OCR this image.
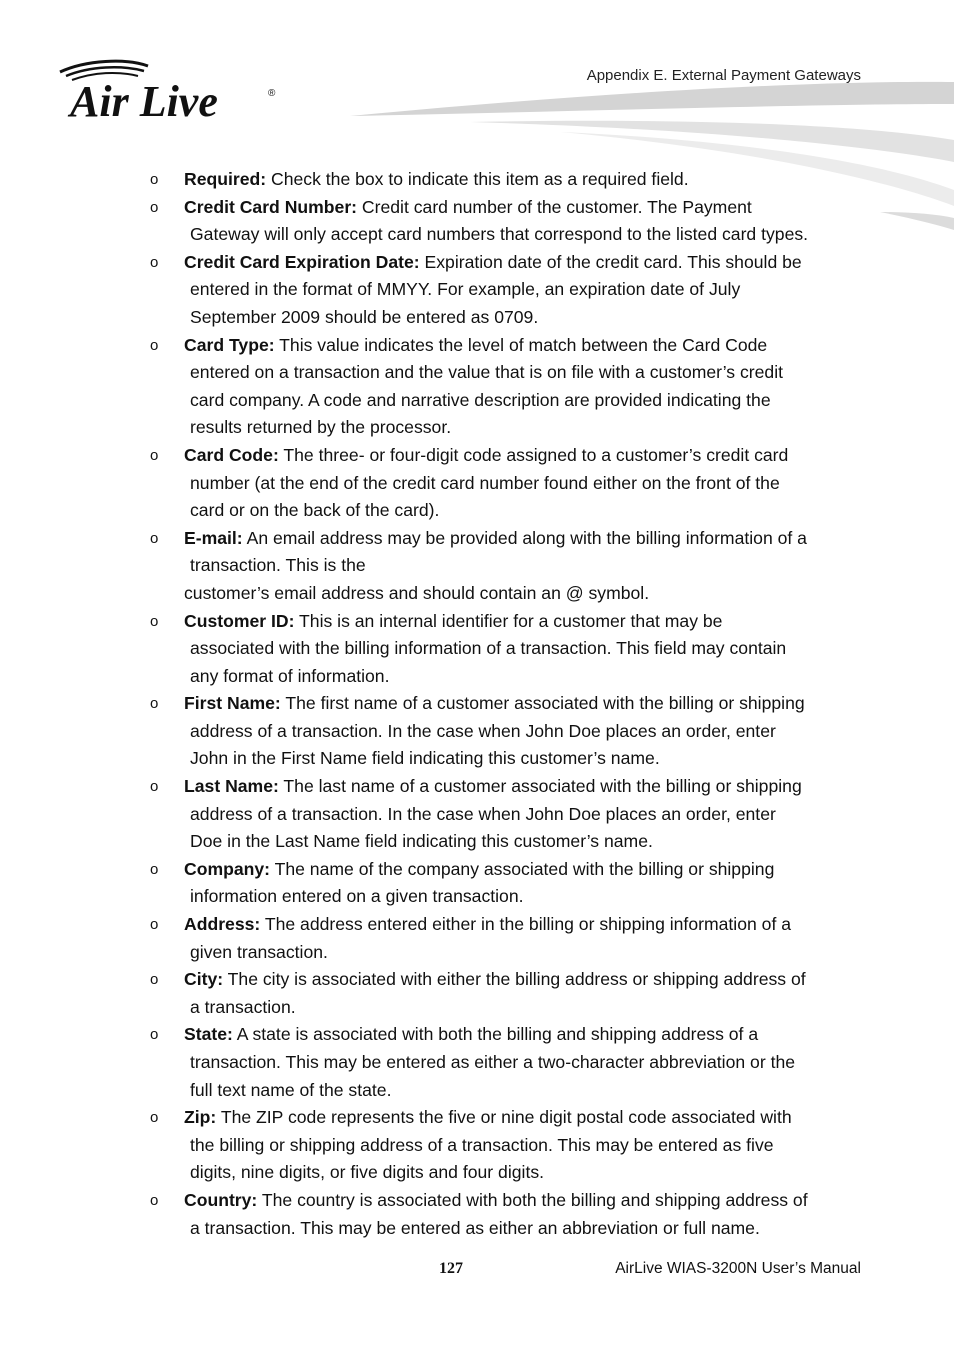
Air Live	®
Appendix E. External Payment Gateways
o Required: Check the box to indicate this item as a required field.
o Credit Card Number: Credit card number of the customer. The Payment
Gateway will only accept card numbers that correspond to the listed card types.
o Credit Card Expiration Date: Expiration date of the credit card. This should be
entered in the format of MMYY. For example, an expiration date of July
September 2009 should be entered as 0709.
o Card Type: This value indicates the level of match between the Card Code
entered on a transaction and the value that is on file with a customer’s credit
card company. A code and narrative description are provided indicating the
results returned by the processor.
o Card Code: The three- or four-digit code assigned to a customer’s credit card
number (at the end of the credit card number found either on the front of the
card or on the back of the card).
o E-mail: An email address may be provided along with the billing information of a
transaction. This is the
customer’s email address and should contain an @ symbol.
o Customer ID: This is an internal identifier for a customer that may be
associated with the billing information of a transaction. This field may contain
any format of information.
o First Name: The first name of a customer associated with the billing or shipping
address of a transaction. In the case when John Doe places an order, enter
John in the First Name field indicating this customer’s name.
o Last Name: The last name of a customer associated with the billing or shipping
address of a transaction. In the case when John Doe places an order, enter
Doe in the Last Name field indicating this customer’s name.
o Company: The name of the company associated with the billing or shipping
information entered on a given transaction.
o Address: The address entered either in the billing or shipping information of a
given transaction.
o City: The city is associated with either the billing address or shipping address of
a transaction.
o State: A state is associated with both the billing and shipping address of a
transaction. This may be entered as either a two-character abbreviation or the
full text name of the state.
o Zip: The ZIP code represents the five or nine digit postal code associated with
the billing or shipping address of a transaction. This may be entered as five
digits, nine digits, or five digits and four digits.
o Country: The country is associated with both the billing and shipping address of
a transaction. This may be entered as either an abbreviation or full name.
127	AirLive WIAS-3200N User’s Manual
